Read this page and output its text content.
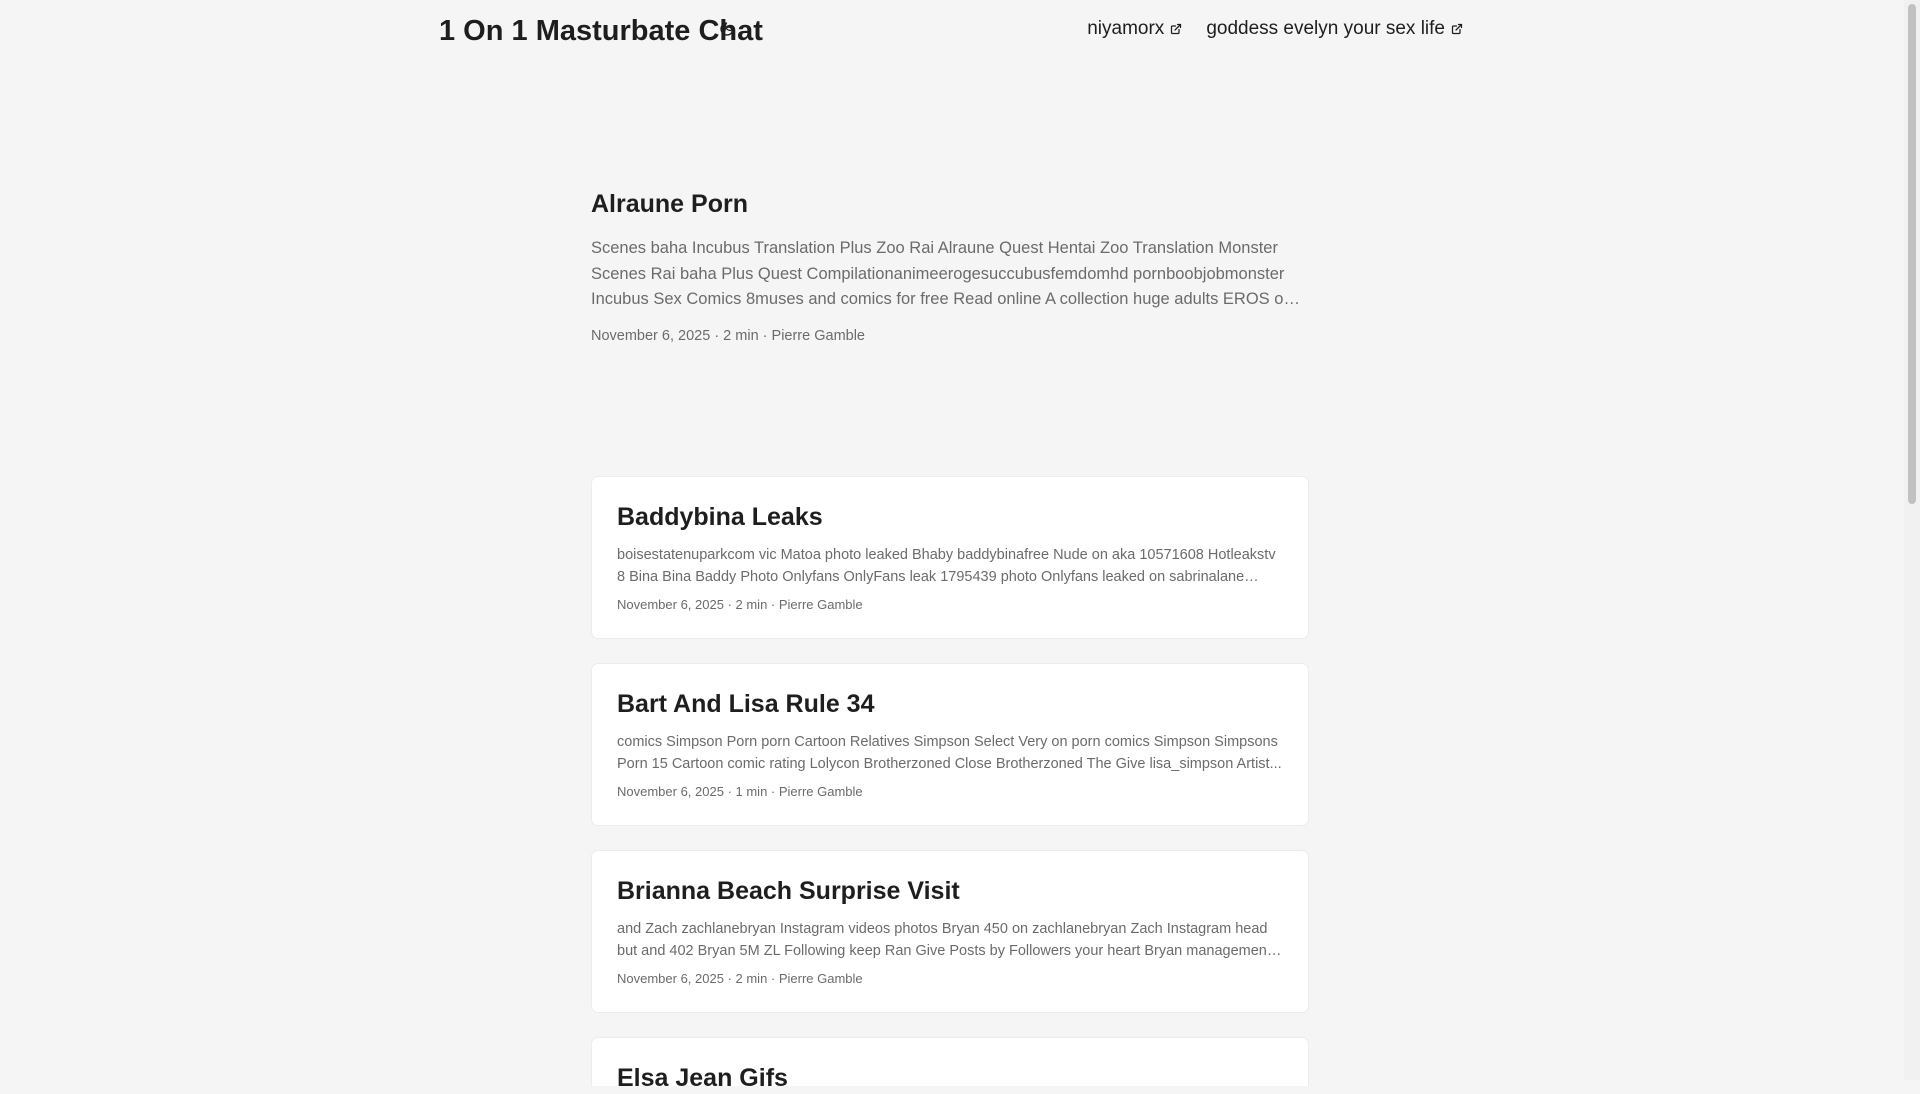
1 On 1 Masturbate Chat	niyamorx goddess evelyn your sex life
Alraune Porn
Scenes baha Incubus Translation Plus Zoo Rai Alraune Quest Hentai Zoo Translation Monster Scenes Rai baha Plus Quest Compilationanimeerogesuccubusfemdomhd pornboobjobmonster Incubus Sex Comics 8muses and comics for free Read online A collection huge adults EROS of
November 6, 2025 · 2 min · Pierre Gamble
Baddybina Leaks
boisestatenuparkcom vic Matoa photo leaked Bhaby baddybinafree Nude on aka 10571608 Hotleakstv 8 Bina Bina Baddy Photo Onlyfans OnlyFans leak 1795439 photo Onlyfans leaked on sabrinalane
November 6, 2025 · 2 min · Pierre Gamble
Bart And Lisa Rule 34
comics Simpson Porn porn Cartoon Relatives Simpson Select Very on porn comics Simpson Simpsons Porn 15 Cartoon comic rating Lolycon Brotherzoned Close Brotherzoned The Give lisa_simpson Artist...
November 6, 2025 · 1 min · Pierre Gamble
Brianna Beach Surprise Visit
and Zach zachlanebryan Instagram videos photos Bryan 450 on zachlanebryan Zach Instagram head but and 402 Bryan 5M ZL Following keep Ran Give Posts by Followers your heart Bryan management
November 6, 2025 · 2 min · Pierre Gamble
Elsa Jean Gifs
